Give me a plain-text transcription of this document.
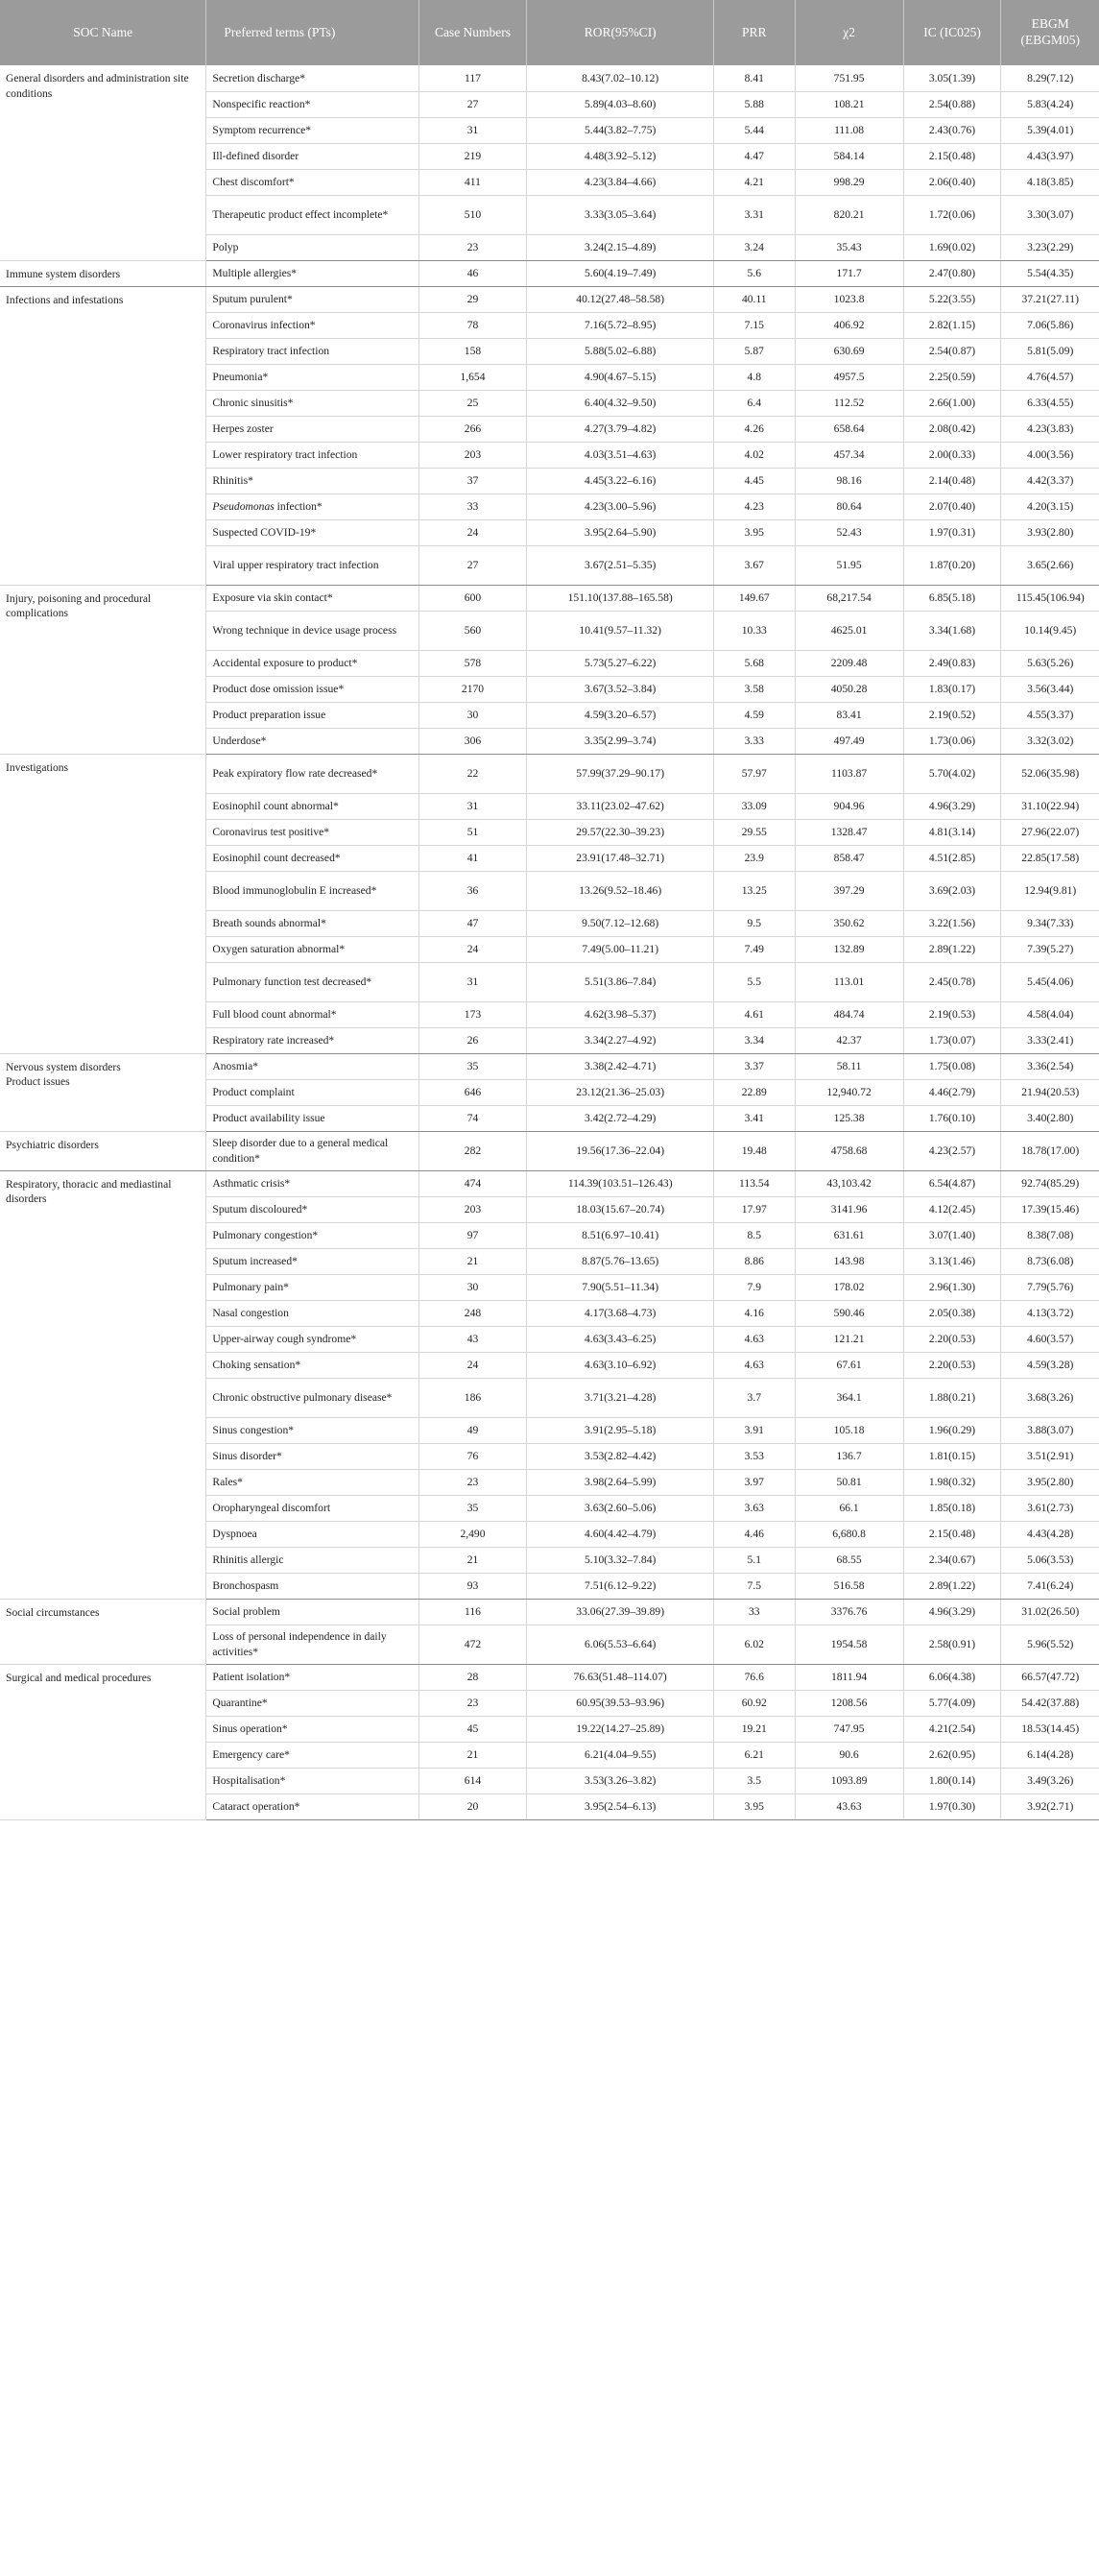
SOC Name	Preferred terms (PTs)	Case Numbers	ROR(95%CI)	PRR	χ2	IC (IC025)	EBGM (EBGM05)

General disorders and administration site conditions	Secretion discharge*	117	8.43(7.02–10.12)	8.41	751.95	3.05(1.39)	8.29(7.12)
	Nonspecific reaction*	27	5.89(4.03–8.60)	5.88	108.21	2.54(0.88)	5.83(4.24)
	Symptom recurrence*	31	5.44(3.82–7.75)	5.44	111.08	2.43(0.76)	5.39(4.01)
	Ill-defined disorder	219	4.48(3.92–5.12)	4.47	584.14	2.15(0.48)	4.43(3.97)
	Chest discomfort*	411	4.23(3.84–4.66)	4.21	998.29	2.06(0.40)	4.18(3.85)
	Therapeutic product effect incomplete*	510	3.33(3.05–3.64)	3.31	820.21	1.72(0.06)	3.30(3.07)
	Polyp	23	3.24(2.15–4.89)	3.24	35.43	1.69(0.02)	3.23(2.29)

Immune system disorders	Multiple allergies*	46	5.60(4.19–7.49)	5.6	171.7	2.47(0.80)	5.54(4.35)

Infections and infestations	Sputum purulent*	29	40.12(27.48–58.58)	40.11	1023.8	5.22(3.55)	37.21(27.11)
	Coronavirus infection*	78	7.16(5.72–8.95)	7.15	406.92	2.82(1.15)	7.06(5.86)
	Respiratory tract infection	158	5.88(5.02–6.88)	5.87	630.69	2.54(0.87)	5.81(5.09)
	Pneumonia*	1,654	4.90(4.67–5.15)	4.8	4957.5	2.25(0.59)	4.76(4.57)
	Chronic sinusitis*	25	6.40(4.32–9.50)	6.4	112.52	2.66(1.00)	6.33(4.55)
	Herpes zoster	266	4.27(3.79–4.82)	4.26	658.64	2.08(0.42)	4.23(3.83)
	Lower respiratory tract infection	203	4.03(3.51–4.63)	4.02	457.34	2.00(0.33)	4.00(3.56)
	Rhinitis*	37	4.45(3.22–6.16)	4.45	98.16	2.14(0.48)	4.42(3.37)
	Pseudomonas infection*	33	4.23(3.00–5.96)	4.23	80.64	2.07(0.40)	4.20(3.15)
	Suspected COVID-19*	24	3.95(2.64–5.90)	3.95	52.43	1.97(0.31)	3.93(2.80)
	Viral upper respiratory tract infection	27	3.67(2.51–5.35)	3.67	51.95	1.87(0.20)	3.65(2.66)

Injury, poisoning and procedural complications	Exposure via skin contact*	600	151.10(137.88–165.58)	149.67	68,217.54	6.85(5.18)	115.45(106.94)
	Wrong technique in device usage process	560	10.41(9.57–11.32)	10.33	4625.01	3.34(1.68)	10.14(9.45)
	Accidental exposure to product*	578	5.73(5.27–6.22)	5.68	2209.48	2.49(0.83)	5.63(5.26)
	Product dose omission issue*	2170	3.67(3.52–3.84)	3.58	4050.28	1.83(0.17)	3.56(3.44)
	Product preparation issue	30	4.59(3.20–6.57)	4.59	83.41	2.19(0.52)	4.55(3.37)
	Underdose*	306	3.35(2.99–3.74)	3.33	497.49	1.73(0.06)	3.32(3.02)

Investigations	Peak expiratory flow rate decreased*	22	57.99(37.29–90.17)	57.97	1103.87	5.70(4.02)	52.06(35.98)
	Eosinophil count abnormal*	31	33.11(23.02–47.62)	33.09	904.96	4.96(3.29)	31.10(22.94)
	Coronavirus test positive*	51	29.57(22.30–39.23)	29.55	1328.47	4.81(3.14)	27.96(22.07)
	Eosinophil count decreased*	41	23.91(17.48–32.71)	23.9	858.47	4.51(2.85)	22.85(17.58)
	Blood immunoglobulin E increased*	36	13.26(9.52–18.46)	13.25	397.29	3.69(2.03)	12.94(9.81)
	Breath sounds abnormal*	47	9.50(7.12–12.68)	9.5	350.62	3.22(1.56)	9.34(7.33)
	Oxygen saturation abnormal*	24	7.49(5.00–11.21)	7.49	132.89	2.89(1.22)	7.39(5.27)
	Pulmonary function test decreased*	31	5.51(3.86–7.84)	5.5	113.01	2.45(0.78)	5.45(4.06)
	Full blood count abnormal*	173	4.62(3.98–5.37)	4.61	484.74	2.19(0.53)	4.58(4.04)
	Respiratory rate increased*	26	3.34(2.27–4.92)	3.34	42.37	1.73(0.07)	3.33(2.41)

Nervous system disorders
Product issues	Anosmia*	35	3.38(2.42–4.71)	3.37	58.11	1.75(0.08)	3.36(2.54)
	Product complaint	646	23.12(21.36–25.03)	22.89	12,940.72	4.46(2.79)	21.94(20.53)
	Product availability issue	74	3.42(2.72–4.29)	3.41	125.38	1.76(0.10)	3.40(2.80)

Psychiatric disorders	Sleep disorder due to a general medical condition*	282	19.56(17.36–22.04)	19.48	4758.68	4.23(2.57)	18.78(17.00)

Respiratory, thoracic and mediastinal disorders	Asthmatic crisis*	474	114.39(103.51–126.43)	113.54	43,103.42	6.54(4.87)	92.74(85.29)
	Sputum discoloured*	203	18.03(15.67–20.74)	17.97	3141.96	4.12(2.45)	17.39(15.46)
	Pulmonary congestion*	97	8.51(6.97–10.41)	8.5	631.61	3.07(1.40)	8.38(7.08)
	Sputum increased*	21	8.87(5.76–13.65)	8.86	143.98	3.13(1.46)	8.73(6.08)
	Pulmonary pain*	30	7.90(5.51–11.34)	7.9	178.02	2.96(1.30)	7.79(5.76)
	Nasal congestion	248	4.17(3.68–4.73)	4.16	590.46	2.05(0.38)	4.13(3.72)
	Upper-airway cough syndrome*	43	4.63(3.43–6.25)	4.63	121.21	2.20(0.53)	4.60(3.57)
	Choking sensation*	24	4.63(3.10–6.92)	4.63	67.61	2.20(0.53)	4.59(3.28)
	Chronic obstructive pulmonary disease*	186	3.71(3.21–4.28)	3.7	364.1	1.88(0.21)	3.68(3.26)
	Sinus congestion*	49	3.91(2.95–5.18)	3.91	105.18	1.96(0.29)	3.88(3.07)
	Sinus disorder*	76	3.53(2.82–4.42)	3.53	136.7	1.81(0.15)	3.51(2.91)
	Rales*	23	3.98(2.64–5.99)	3.97	50.81	1.98(0.32)	3.95(2.80)
	Oropharyngeal discomfort	35	3.63(2.60–5.06)	3.63	66.1	1.85(0.18)	3.61(2.73)
	Dyspnoea	2,490	4.60(4.42–4.79)	4.46	6,680.8	2.15(0.48)	4.43(4.28)
	Rhinitis allergic	21	5.10(3.32–7.84)	5.1	68.55	2.34(0.67)	5.06(3.53)
	Bronchospasm	93	7.51(6.12–9.22)	7.5	516.58	2.89(1.22)	7.41(6.24)

Social circumstances	Social problem	116	33.06(27.39–39.89)	33	3376.76	4.96(3.29)	31.02(26.50)
	Loss of personal independence in daily activities*	472	6.06(5.53–6.64)	6.02	1954.58	2.58(0.91)	5.96(5.52)

Surgical and medical procedures	Patient isolation*	28	76.63(51.48–114.07)	76.6	1811.94	6.06(4.38)	66.57(47.72)
	Quarantine*	23	60.95(39.53–93.96)	60.92	1208.56	5.77(4.09)	54.42(37.88)
	Sinus operation*	45	19.22(14.27–25.89)	19.21	747.95	4.21(2.54)	18.53(14.45)
	Emergency care*	21	6.21(4.04–9.55)	6.21	90.6	2.62(0.95)	6.14(4.28)
	Hospitalisation*	614	3.53(3.26–3.82)	3.5	1093.89	1.80(0.14)	3.49(3.26)
	Cataract operation*	20	3.95(2.54–6.13)	3.95	43.63	1.97(0.30)	3.92(2.71)
